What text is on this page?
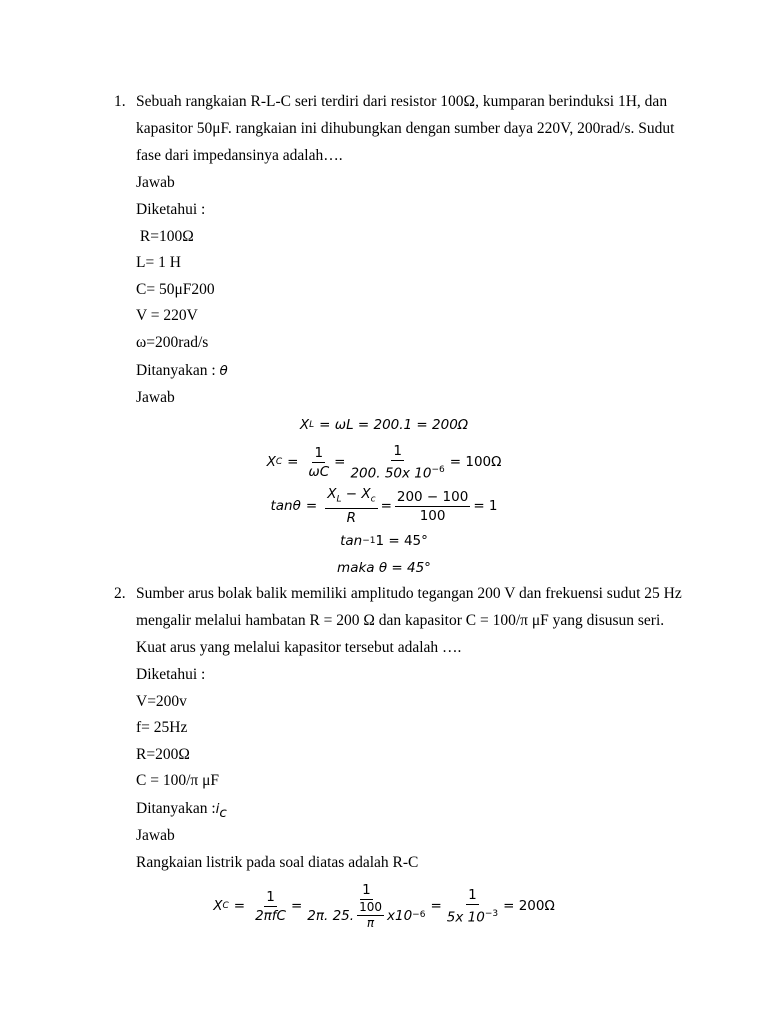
1. Sebuah rangkaian R-L-C seri terdiri dari resistor 100Ω, kumparan berinduksi 1H, dan
kapasitor 50μF. rangkaian ini dihubungkan dengan sumber daya 220V, 200rad/s. Sudut
fase dari impedansinya adalah….
Jawab
Diketahui :
R=100Ω
L= 1 H
C= 50μF200
V = 220V
ω=200rad/s
Ditanyakan : θ
Jawab
X L = ωL = 200.1 = 200Ω
X $C = \frac{1}{\omega C} = \frac{1}{200. 50x 10^{-6}} = 100\Omega$
$\tan\theta = \frac{X_L - X_c}{R} = \frac{200 - 100}{100} = 1$
tan −1 1 = 45°
maka θ = 45°
2. Sumber arus bolak balik memiliki amplitudo tegangan 200 V dan frekuensi sudut 25 Hz
mengalir melalui hambatan R = 200 Ω dan kapasitor C = 100/π μF yang disusun seri.
Kuat arus yang melalui kapasitor tersebut adalah ….
Diketahui :
V=200v
f= 25Hz
R=200Ω
C = 100/π μF
Ditanyakan $:i_c$
Jawab
Rangkaian listrik pada soal diatas adalah R-C
X $C = \frac{1}{\text{2πfC}} = \frac{1}{2\pi. 25. \frac{100}{\pi} x10 -6} = \frac{1}{5x 10^{-3}} = 200\Omega$
